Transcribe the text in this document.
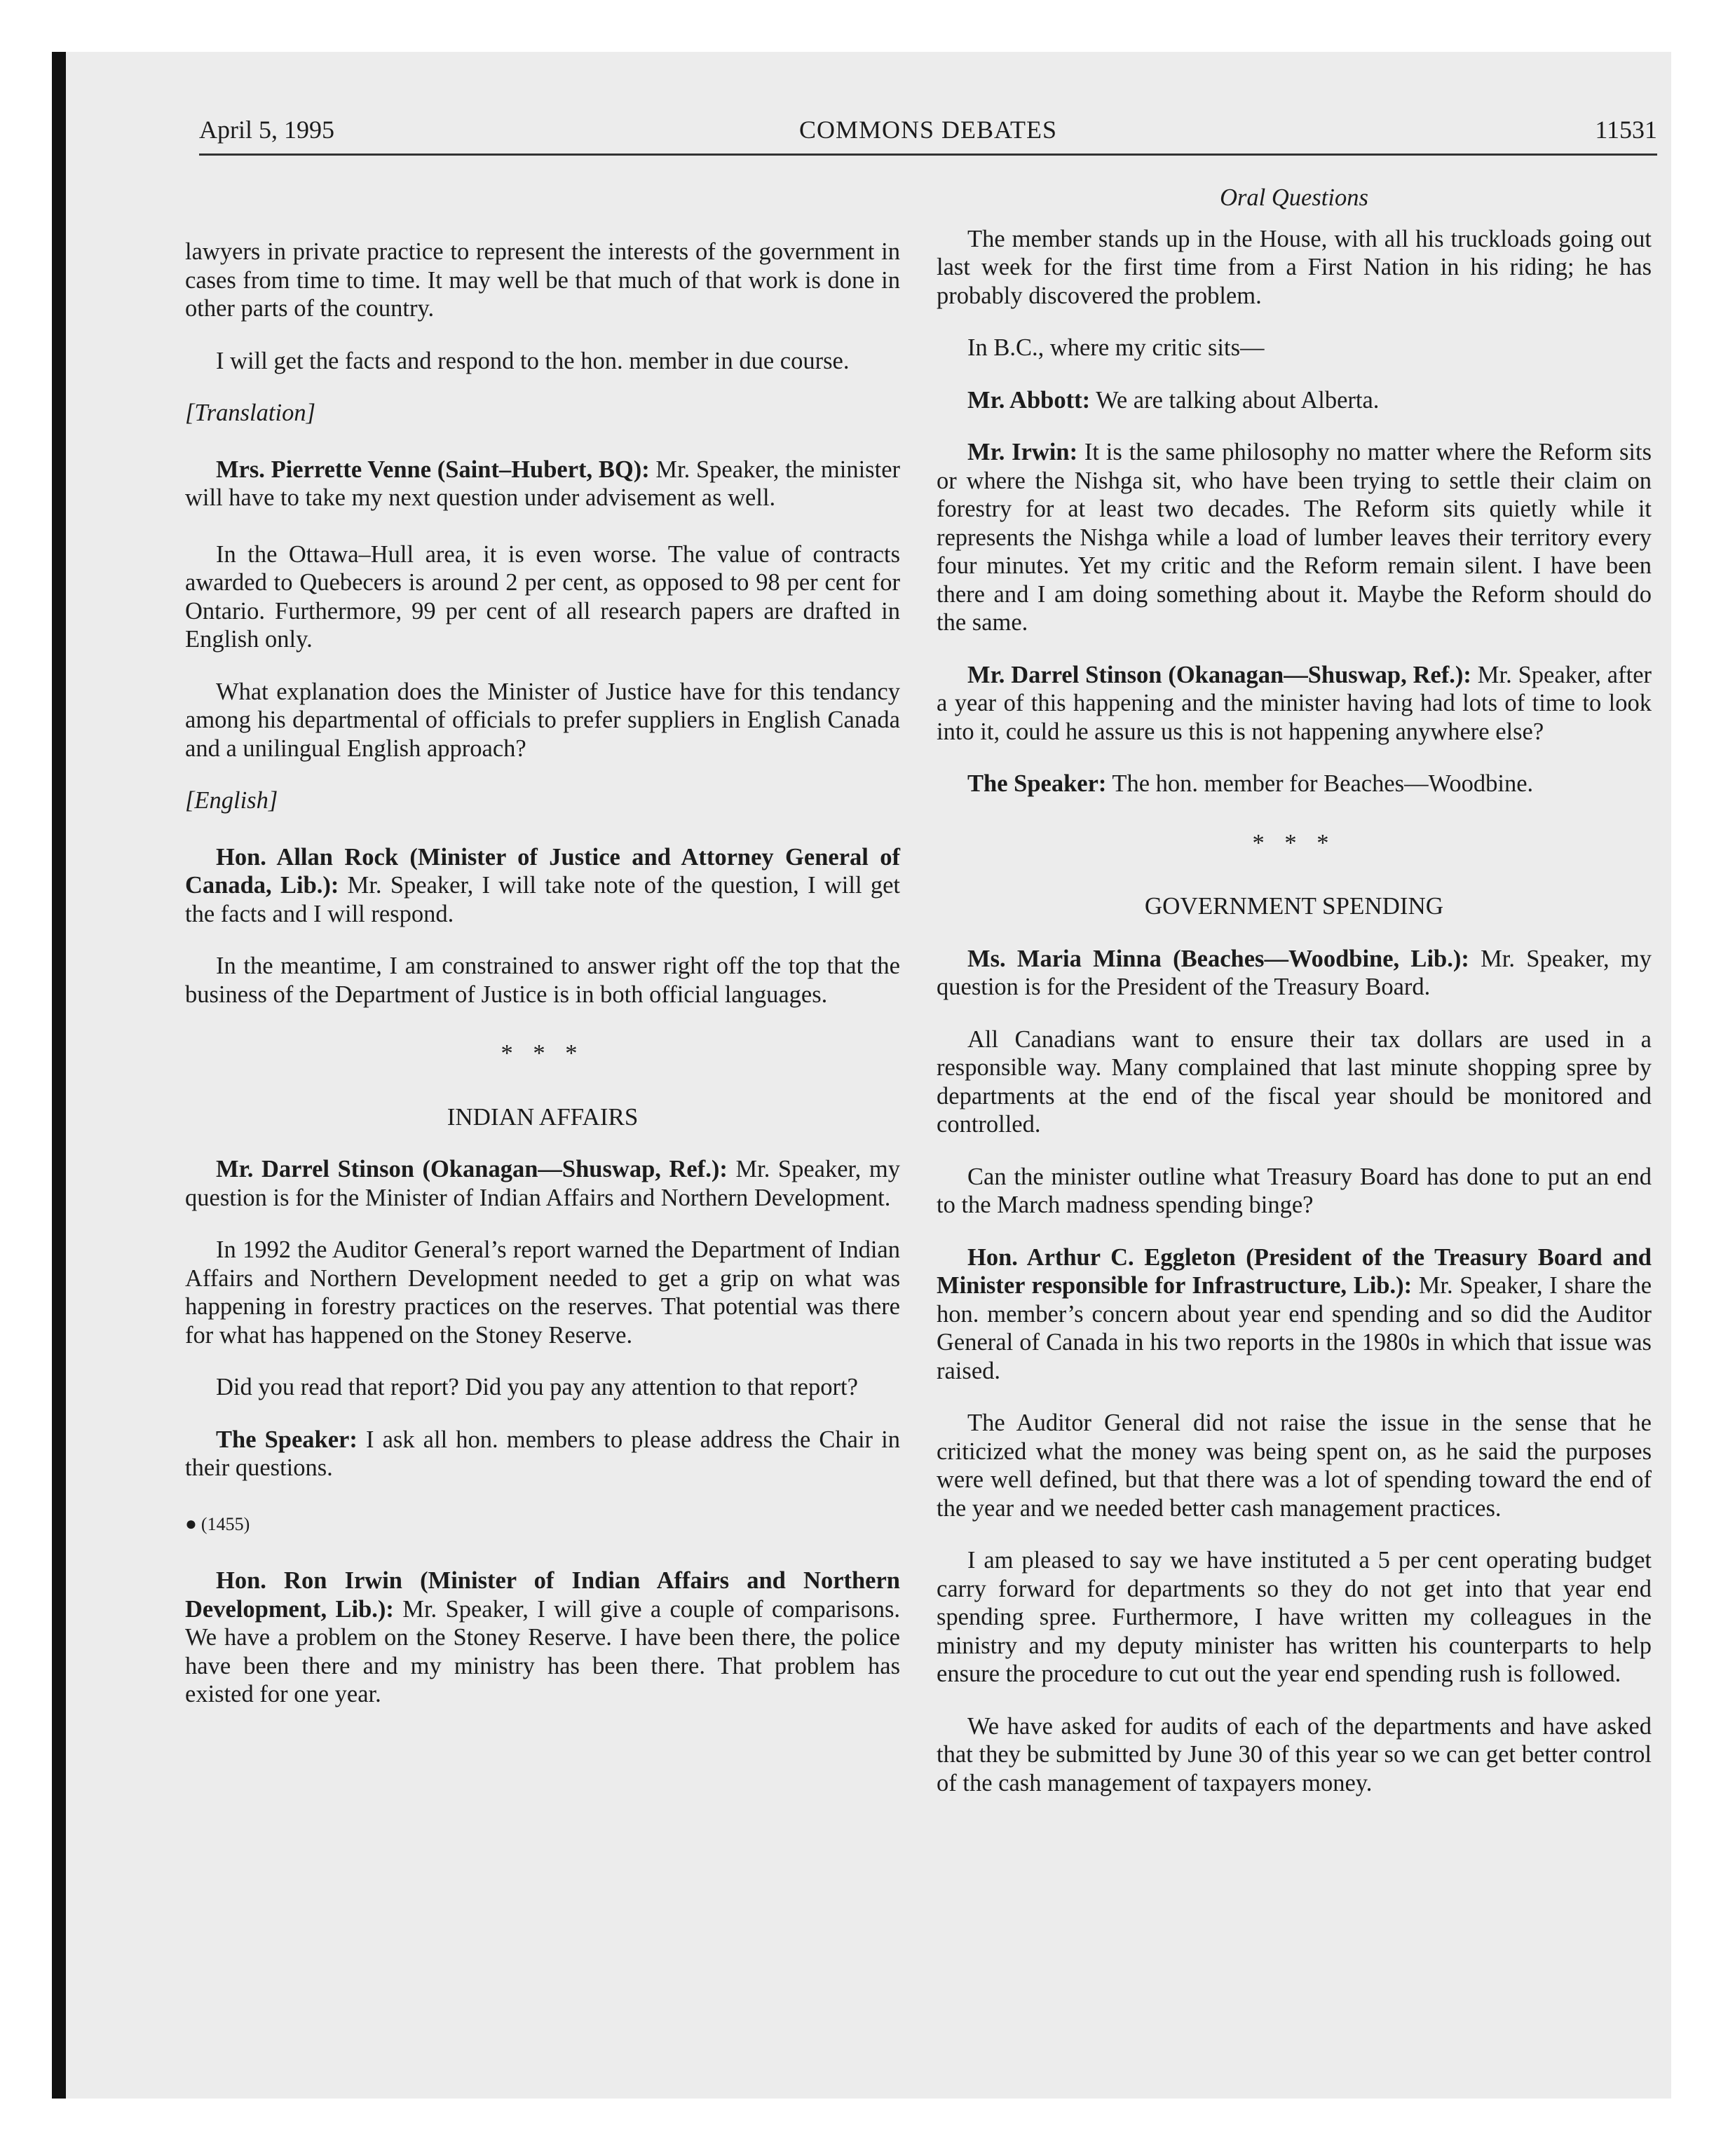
COMMONS DEBATES
April 5, 1995	11531

lawyers in private practice to represent the interests of the government in cases from time to time. It may well be that much of that work is done in other parts of the country.

I will get the facts and respond to the hon. member in due course.

[Translation]

Mrs. Pierrette Venne (Saint–Hubert, BQ): Mr. Speaker, the minister will have to take my next question under advisement as well.

In the Ottawa–Hull area, it is even worse. The value of contracts awarded to Quebecers is around 2 per cent, as opposed to 98 per cent for Ontario. Furthermore, 99 per cent of all research papers are drafted in English only.

What explanation does the Minister of Justice have for this tendancy among his departmental of officials to prefer suppliers in English Canada and a unilingual English approach?

[English]

Hon. Allan Rock (Minister of Justice and Attorney General of Canada, Lib.): Mr. Speaker, I will take note of the question, I will get the facts and I will respond.

In the meantime, I am constrained to answer right off the top that the business of the Department of Justice is in both official languages.

* * *

INDIAN AFFAIRS

Mr. Darrel Stinson (Okanagan—Shuswap, Ref.): Mr. Speaker, my question is for the Minister of Indian Affairs and Northern Development.

In 1992 the Auditor General’s report warned the Department of Indian Affairs and Northern Development needed to get a grip on what was happening in forestry practices on the reserves. That potential was there for what has happened on the Stoney Reserve.

Did you read that report? Did you pay any attention to that report?

The Speaker: I ask all hon. members to please address the Chair in their questions.

● (1455)

Hon. Ron Irwin (Minister of Indian Affairs and Northern Development, Lib.): Mr. Speaker, I will give a couple of comparisons. We have a problem on the Stoney Reserve. I have been there, the police have been there and my ministry has been there. That problem has existed for one year.

Oral Questions

The member stands up in the House, with all his truckloads going out last week for the first time from a First Nation in his riding; he has probably discovered the problem.

In B.C., where my critic sits—

Mr. Abbott: We are talking about Alberta.

Mr. Irwin: It is the same philosophy no matter where the Reform sits or where the Nishga sit, who have been trying to settle their claim on forestry for at least two decades. The Reform sits quietly while it represents the Nishga while a load of lumber leaves their territory every four minutes. Yet my critic and the Reform remain silent. I have been there and I am doing something about it. Maybe the Reform should do the same.

Mr. Darrel Stinson (Okanagan—Shuswap, Ref.): Mr. Speaker, after a year of this happening and the minister having had lots of time to look into it, could he assure us this is not happening anywhere else?

The Speaker: The hon. member for Beaches—Woodbine.

* * *

GOVERNMENT SPENDING

Ms. Maria Minna (Beaches—Woodbine, Lib.): Mr. Speaker, my question is for the President of the Treasury Board.

All Canadians want to ensure their tax dollars are used in a responsible way. Many complained that last minute shopping spree by departments at the end of the fiscal year should be monitored and controlled.

Can the minister outline what Treasury Board has done to put an end to the March madness spending binge?

Hon. Arthur C. Eggleton (President of the Treasury Board and Minister responsible for Infrastructure, Lib.): Mr. Speaker, I share the hon. member’s concern about year end spending and so did the Auditor General of Canada in his two reports in the 1980s in which that issue was raised.

The Auditor General did not raise the issue in the sense that he criticized what the money was being spent on, as he said the purposes were well defined, but that there was a lot of spending toward the end of the year and we needed better cash management practices.

I am pleased to say we have instituted a 5 per cent operating budget carry forward for departments so they do not get into that year end spending spree. Furthermore, I have written my colleagues in the ministry and my deputy minister has written his counterparts to help ensure the procedure to cut out the year end spending rush is followed.

We have asked for audits of each of the departments and have asked that they be submitted by June 30 of this year so we can get better control of the cash management of taxpayers money.
